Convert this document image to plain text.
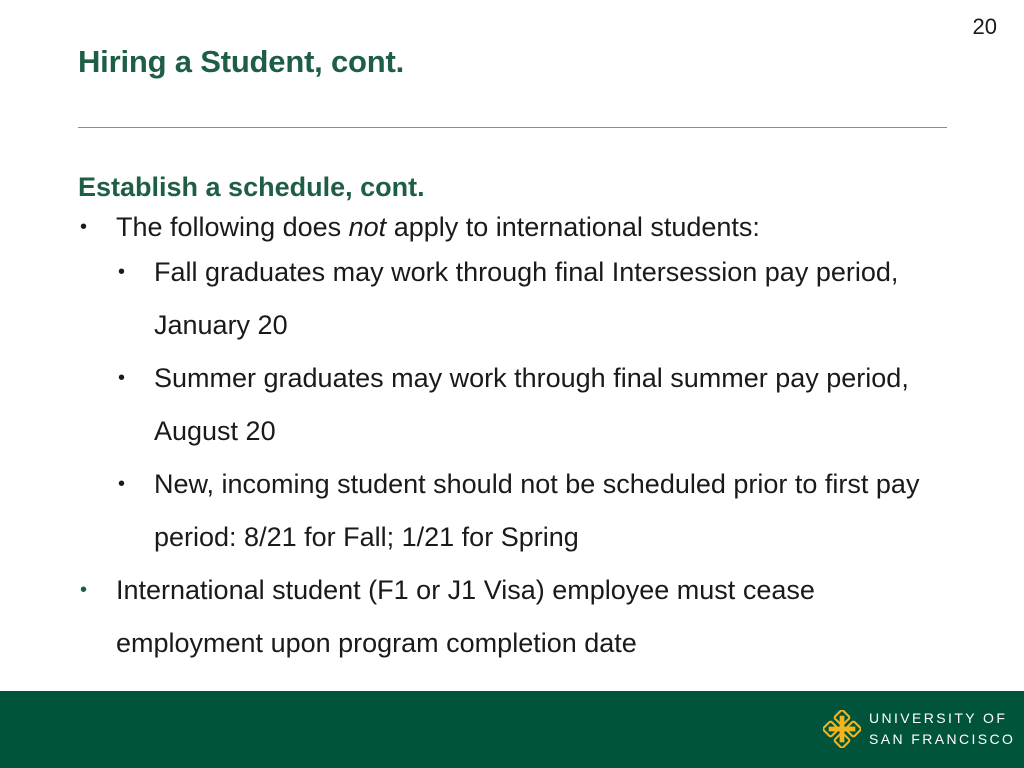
20
Hiring a Student, cont.
Establish a schedule, cont.
• The following does not apply to international students:
• Fall graduates may work through final Intersession pay period, January 20
• Summer graduates may work through final summer pay period, August 20
• New, incoming student should not be scheduled prior to first pay period: 8/21 for Fall; 1/21 for Spring
• International student (F1 or J1 Visa) employee must cease
employment upon program completion date
UNIVERSITY OF
SAN FRANCISCO
